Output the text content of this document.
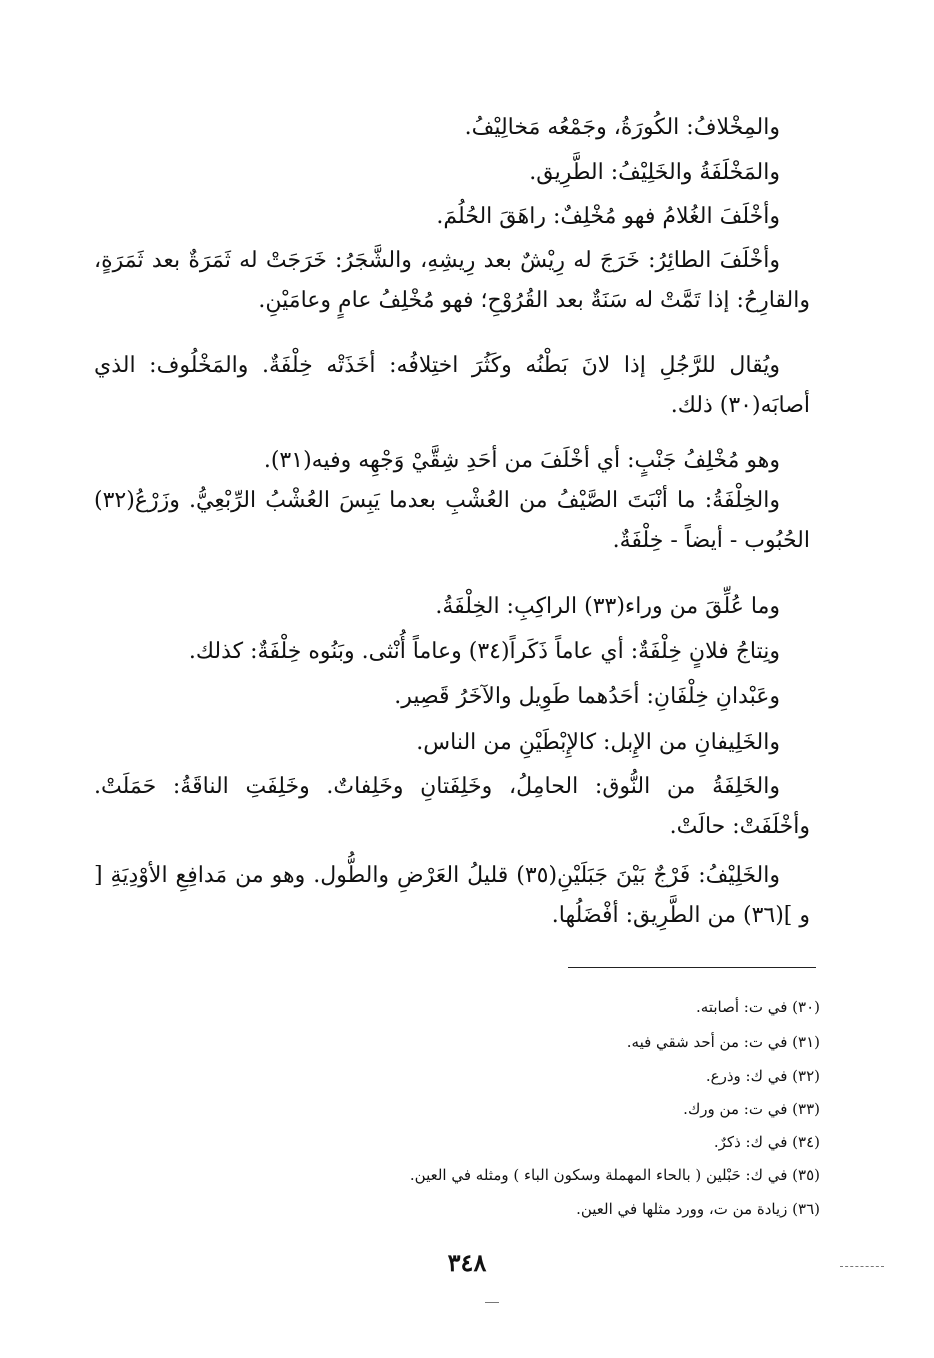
والمِخْلافُ: الكُورَةُ، وجَمْعُه مَخالِيْفُ.

والمَخْلَفَةُ والخَلِيْفُ: الطَّرِيق.

وأخْلَفَ الغُلامُ فهو مُخْلِفٌ: راهَقَ الحُلُمَ.

وأخْلَفَ الطائِرُ: خَرَجَ له رِيْشٌ بعد رِيشِهِ، والشَّجَرُ: خَرَجَتْ له ثَمَرَةٌ بعد ثَمَرَةٍ، والقارِحُ: إذا تَمَّتْ له سَنَةٌ بعد القُرُوْحِ؛ فهو مُخْلِفُ عامٍ وعامَيْنِ.

ويُقال للرَّجُلِ إذا لانَ بَطْنُه وكَثُرَ اختِلافُه: أخَذَتْه خِلْفَةٌ. والمَخْلُوف: الذي أصابَه(٣٠) ذلك.

وهو مُخْلِفُ جَنْبٍ: أي أخْلَفَ من أحَدِ شِقَّيْ وَجْهِه وفيه(٣١).

والخِلْفَةُ: ما أنْبَتَ الصَّيْفُ من العُشْبِ بعدما يَبِسَ العُشْبُ الرِّبْعِيُّ. وزَرْعُ(٣٢) الحُبُوب - أيضاً - خِلْفَةٌ.

وما عُلِّقَ من وراء(٣٣) الراكِبِ: الخِلْفَةُ.

ونِتاجُ فلانٍ خِلْفَةٌ: أي عاماً ذَكَراً(٣٤) وعاماً أُنْثى. وبَنُوه خِلْفَةٌ: كذلك.

وعَبْدانِ خِلْفَانِ: أحَدُهما طَوِيل والآخَرُ قَصِير.

والخَلِيفانِ من الإِبل: كالإِبْطَيْنِ من الناس.

والخَلِفَةُ من النُّوق: الحامِلُ، وخَلِفَتانِ وخَلِفاتٌ. وخَلِفَتِ الناقَةُ: حَمَلَتْ. وأخْلَفَتْ: حالَتْ.

والخَلِيْفُ: فَرْجٌ بَيْنَ جَبَلَيْنِ(٣٥) قليلُ العَرْضِ والطُّول. وهو من مَدافِعِ الأوْدِيَةِ [ و ](٣٦) من الطَّرِيق: أفْضَلُها.

(٣٠) في ت: أصابته.

(٣١) في ت: من أحد شقي فيه.

(٣٢) في ك: وذرع.

(٣٣) في ت: من ورك.

(٣٤) في ك: ذكرٌ.

(٣٥) في ك: حَبْلين ( بالحاء المهملة وسكون الباء ) ومثله في العين.

(٣٦) زيادة من ت، وورد مثلها في العين.

٣٤٨
